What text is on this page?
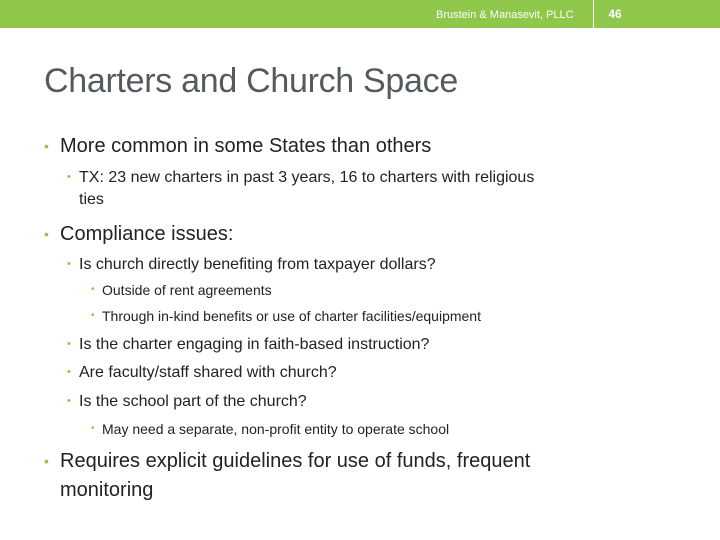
Brustein & Manasevit, PLLC	46
Charters and Church Space
• More common in some States than others
• TX: 23 new charters in past 3 years, 16 to charters with religious
ties
• Compliance issues:
• Is church directly benefiting from taxpayer dollars?
• Outside of rent agreements
• Through in-kind benefits or use of charter facilities/equipment
• Is the charter engaging in faith-based instruction?
• Are faculty/staff shared with church?
• Is the school part of the church?
• May need a separate, non-profit entity to operate school
• Requires explicit guidelines for use of funds, frequent
monitoring
